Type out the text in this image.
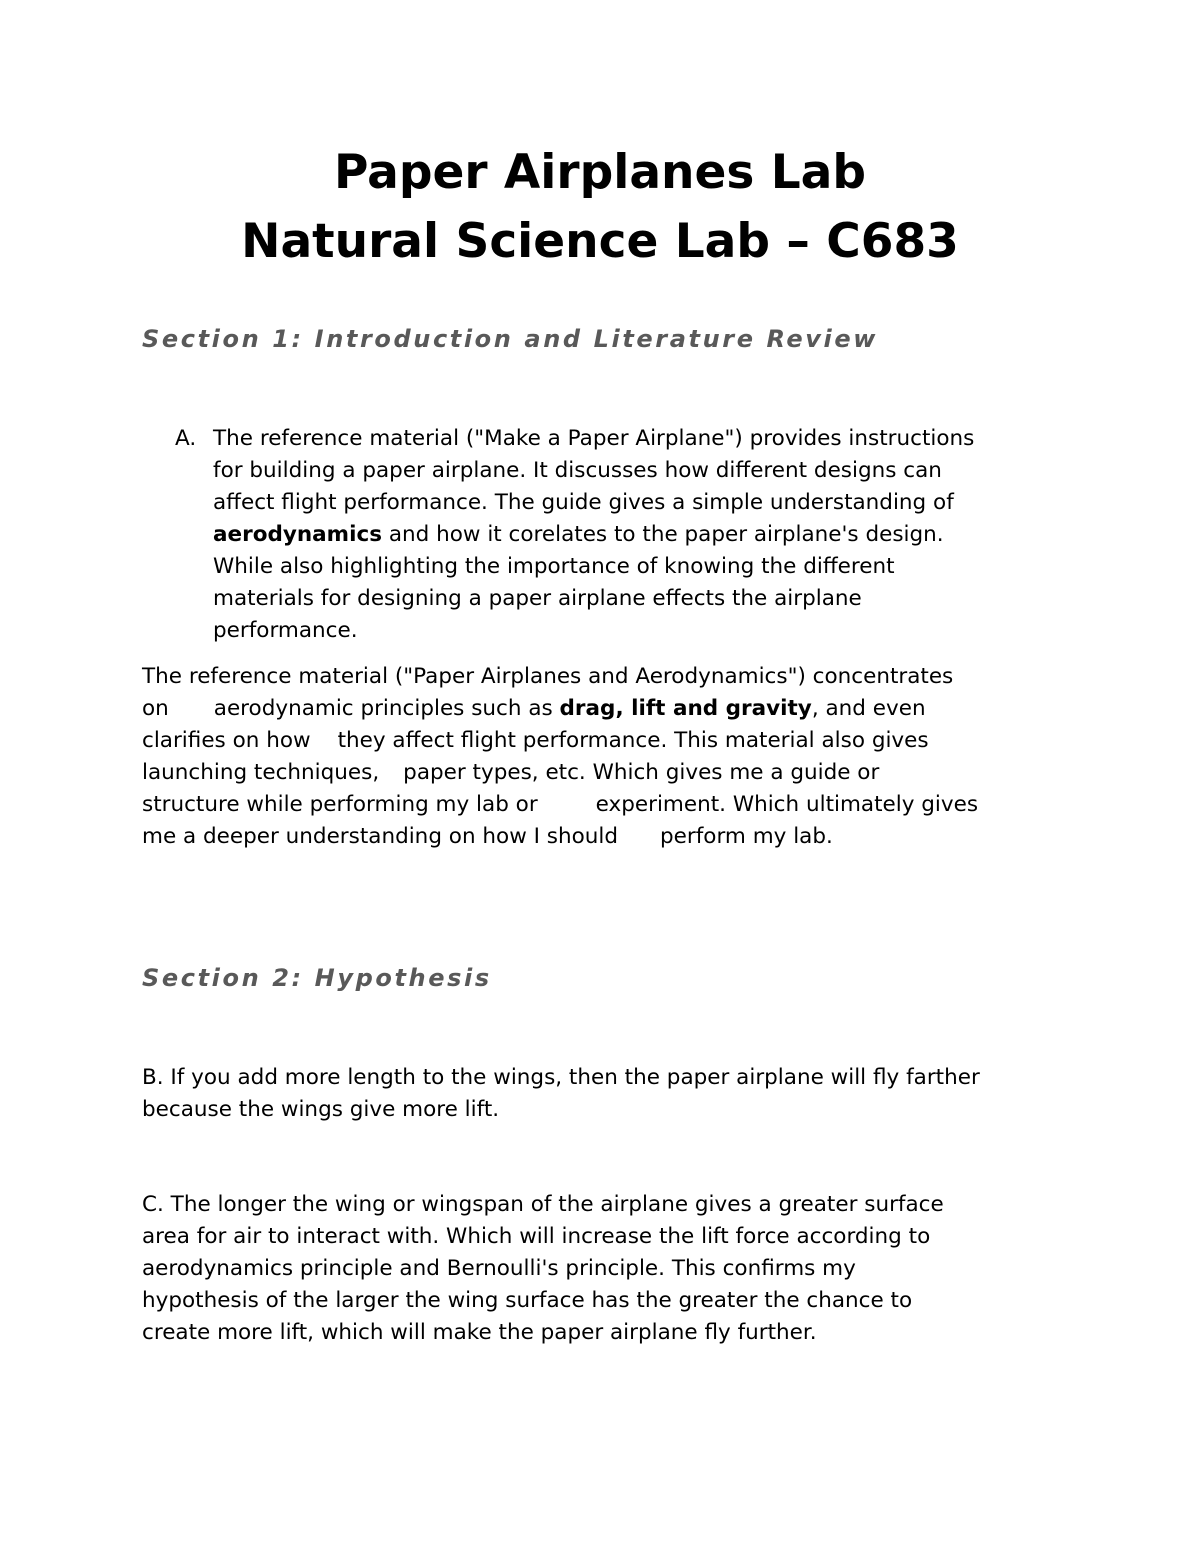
Paper Airplanes Lab
Natural Science Lab – C683
Section 1: Introduction and Literature Review
A. The reference material ("Make a Paper Airplane") provides instructions
for building a paper airplane. It discusses how different designs can
affect flight performance. The guide gives a simple understanding of
aerodynamics and how it corelates to the paper airplane's design.
While also highlighting the importance of knowing the different
materials for designing a paper airplane effects the airplane
performance.
The reference material ("Paper Airplanes and Aerodynamics") concentrates
on aerodynamic principles such as drag, lift and gravity, and even
clarifies on how they affect flight performance. This material also gives
launching techniques, paper types, etc. Which gives me a guide or
structure while performing my lab or	experiment. Which ultimately gives
me a deeper understanding on how I should perform my lab.
Section 2: Hypothesis
B. If you add more length to the wings, then the paper airplane will fly farther
because the wings give more lift.
C. The longer the wing or wingspan of the airplane gives a greater surface
area for air to interact with. Which will increase the lift force according to
aerodynamics principle and Bernoulli's principle. This confirms my
hypothesis of the larger the wing surface has the greater the chance to
create more lift, which will make the paper airplane fly further.
